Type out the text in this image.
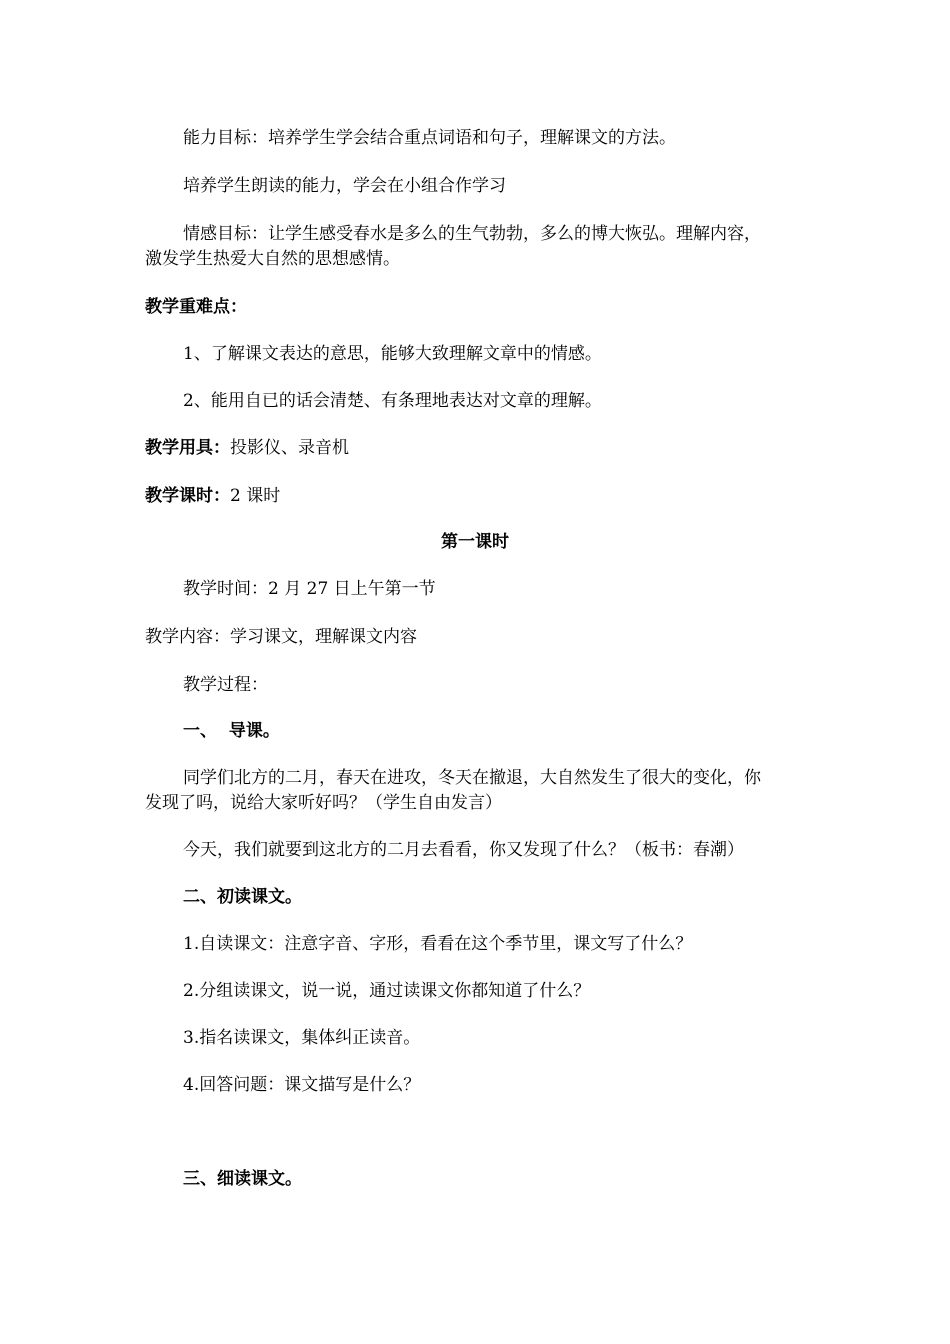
能力目标：培养学生学会结合重点词语和句子，理解课文的方法。
培养学生朗读的能力，学会在小组合作学习
情感目标：让学生感受春水是多么的生气勃勃，多么的博大恢弘。理解内容，
激发学生热爱大自然的思想感情。
教学重难点：
1、了解课文表达的意思，能够大致理解文章中的情感。
2、能用自已的话会清楚、有条理地表达对文章的理解。
教学用具：投影仪、录音机
教学课时：2 课时
第一课时
教学时间：2 月 27 日上午第一节
教学内容：学习课文，理解课文内容
教学过程：
一、  导课。
同学们北方的二月，春天在进攻，冬天在撤退，大自然发生了很大的变化，你
发现了吗，说给大家听好吗？（学生自由发言）
今天，我们就要到这北方的二月去看看，你又发现了什么？（板书：春潮）
二、初读课文。
1.自读课文：注意字音、字形，看看在这个季节里，课文写了什么？
2.分组读课文，说一说，通过读课文你都知道了什么？
3.指名读课文，集体纠正读音。
4.回答问题：课文描写是什么？
三、细读课文。
